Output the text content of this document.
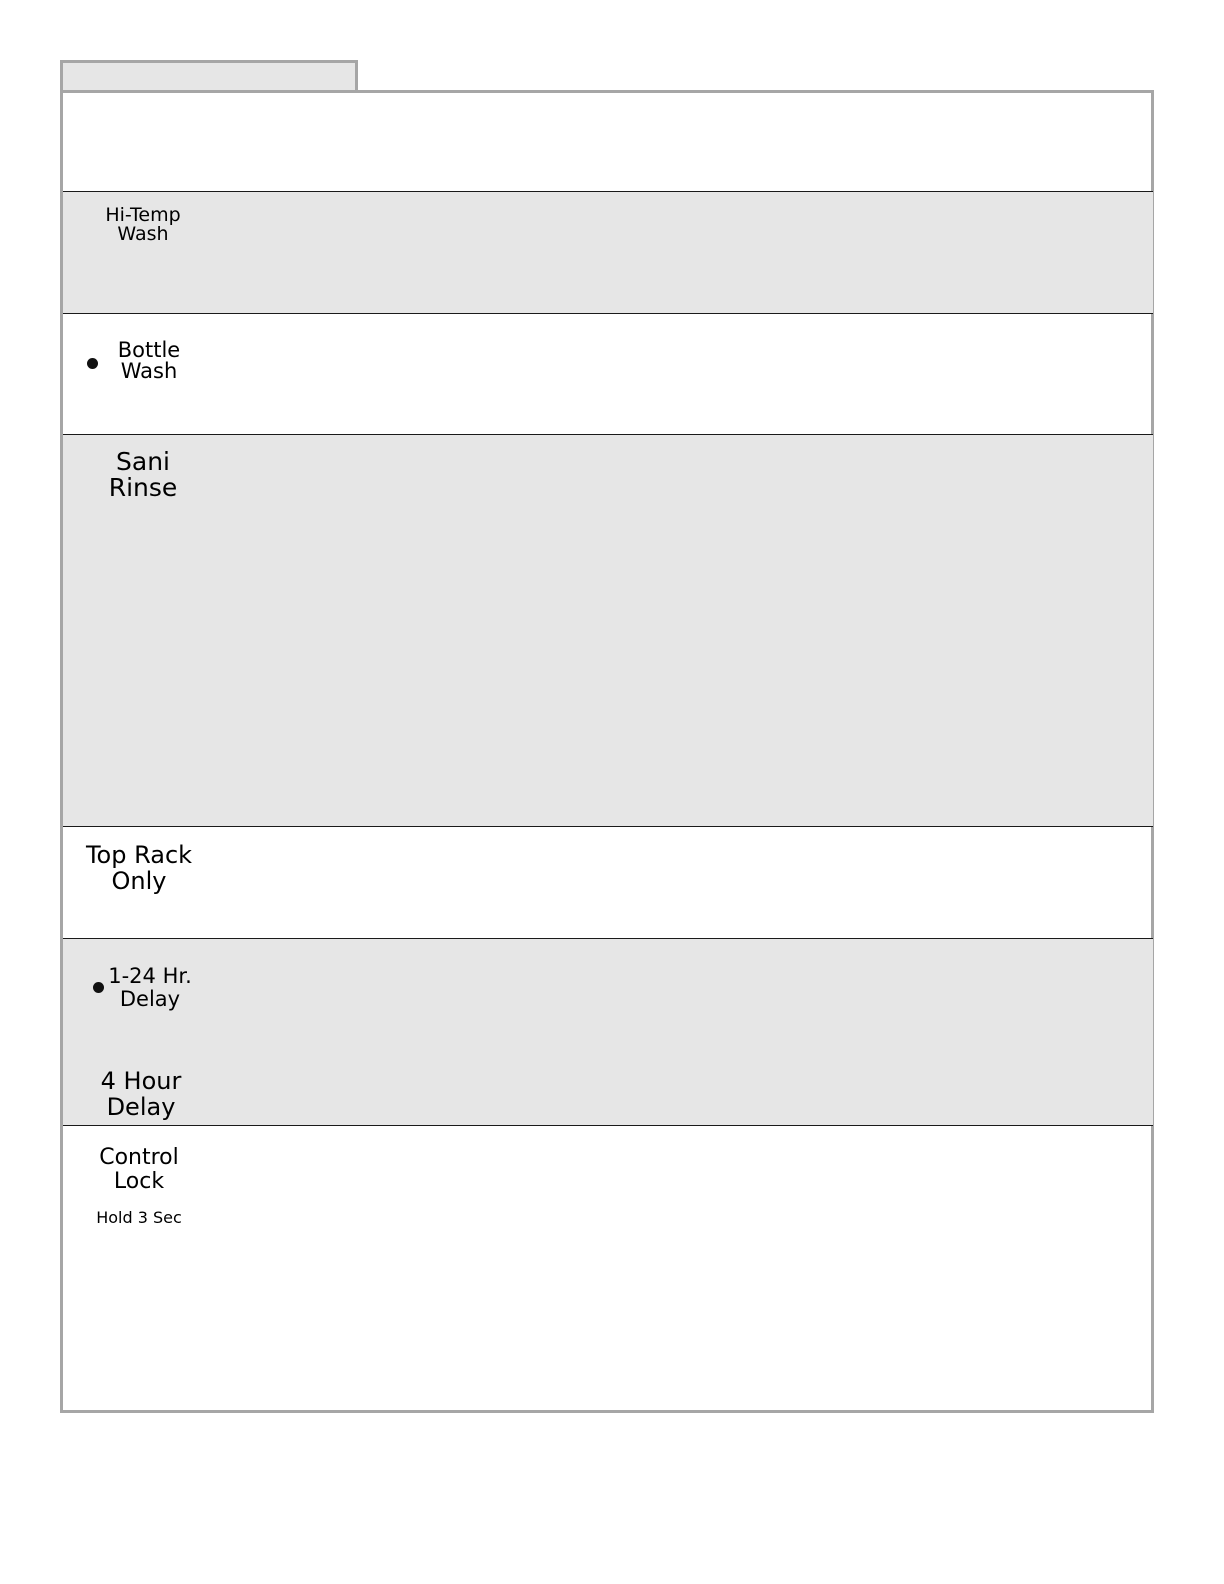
Hi-Temp
Wash
Bottle
Wash
Sani
Rinse
Top Rack
Only
1-24 Hr.
Delay
4 Hour
Delay
Control
Lock
Hold 3 Sec
